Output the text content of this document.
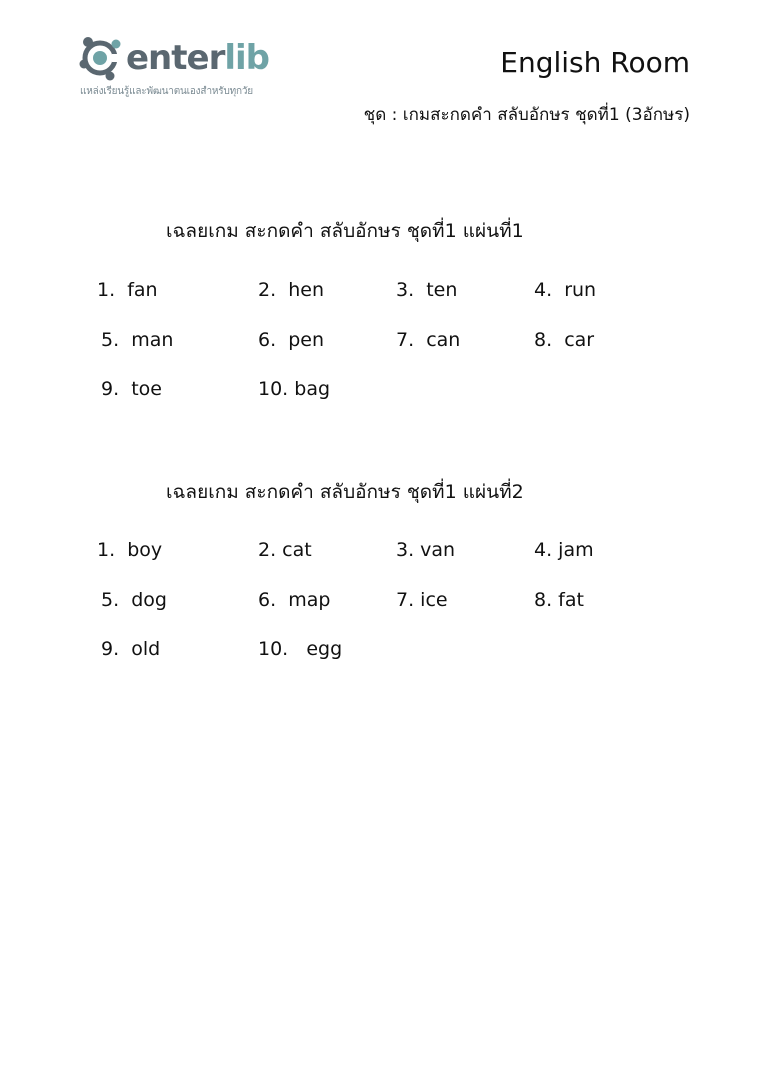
enterlib
แหล่งเรียนรู้และพัฒนาตนเองสำหรับทุกวัย
English Room
ชุด : เกมสะกดคำ สลับอักษร ชุดที่1 (3อักษร)
เฉลยเกม สะกดคำ สลับอักษร ชุดที่1 แผ่นที่1
1.  fan	2.  hen	3.  ten	4.  run
5.  man	6.  pen	7.  can	8.  car
9.  toe	10. bag
เฉลยเกม สะกดคำ สลับอักษร ชุดที่1 แผ่นที่2
1.  boy	2. cat	3. van	4. jam
5.  dog	6.  map	7. ice	8. fat
9.  old	10.   egg
